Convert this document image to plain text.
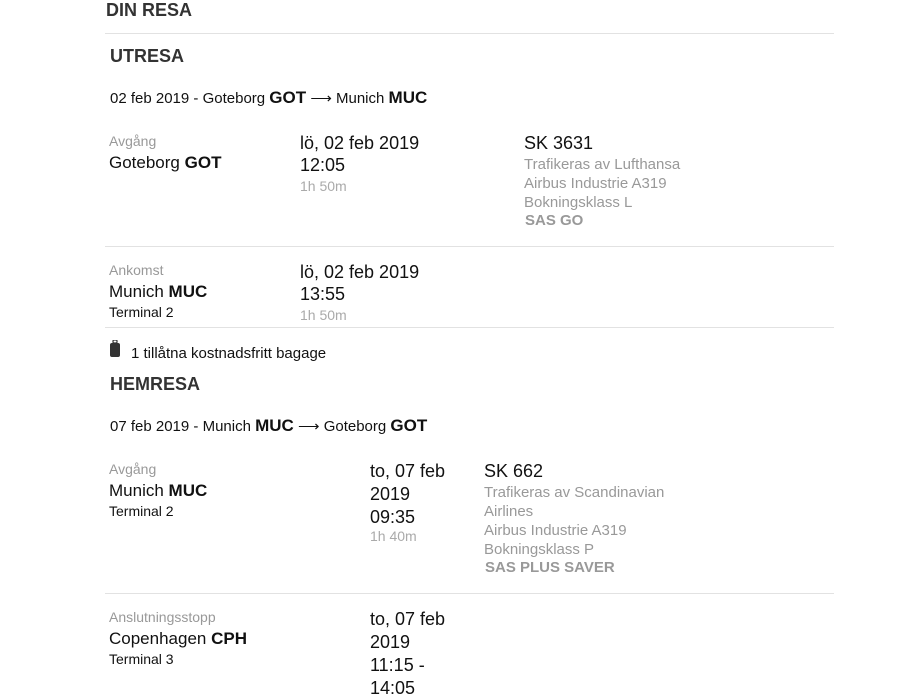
DIN RESA
UTRESA
02 feb 2019 - Goteborg GOT ⟶ Munich MUC
Avgång
Goteborg GOT
lö, 02 feb 2019
12:05
1h 50m
SK 3631
Trafikeras av Lufthansa
Airbus Industrie A319
Bokningsklass L
SAS GO
Ankomst
Munich MUC
Terminal 2
lö, 02 feb 2019
13:55
1h 50m
1 tillåtna kostnadsfritt bagage
HEMRESA
07 feb 2019 - Munich MUC ⟶ Goteborg GOT
Avgång
Munich MUC
Terminal 2
to, 07 feb
2019
09:35
1h 40m
SK 662
Trafikeras av Scandinavian
Airlines
Airbus Industrie A319
Bokningsklass P
SAS PLUS SAVER
Anslutningsstopp
Copenhagen CPH
Terminal 3
to, 07 feb
2019
11:15 -
14:05
